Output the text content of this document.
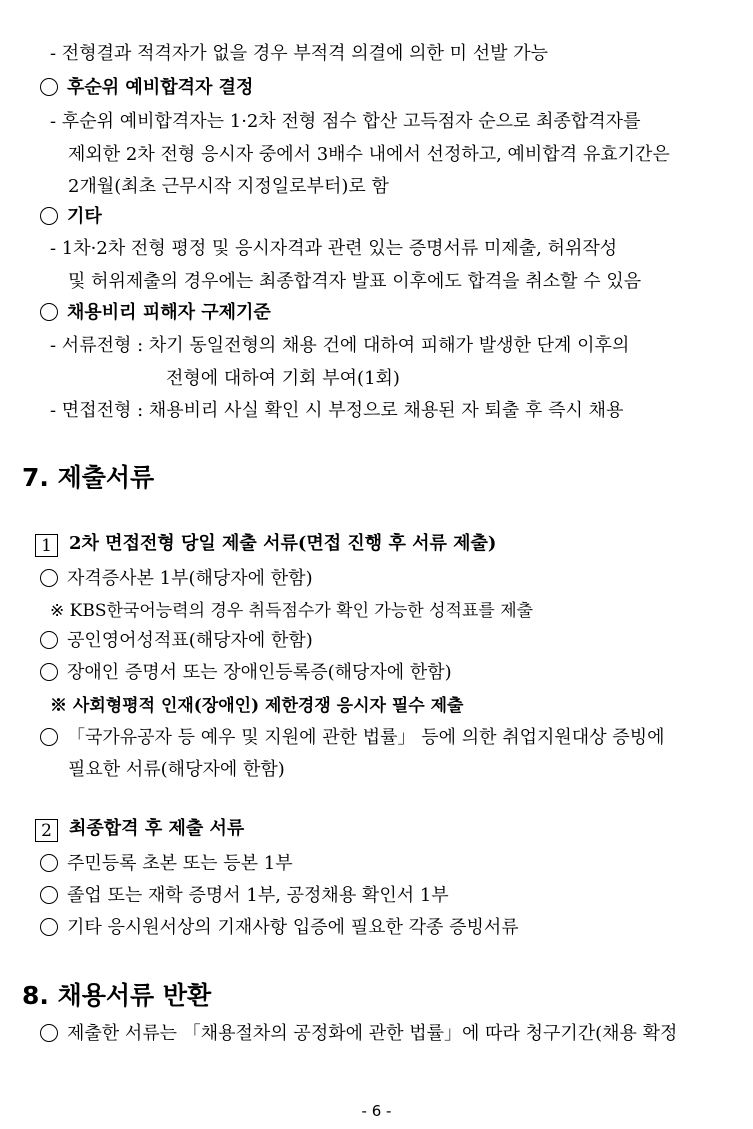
- 전형결과 적격자가 없을 경우 부적격 의결에 의한 미 선발 가능
후순위 예비합격자 결정
- 후순위 예비합격자는 1·2차 전형 점수 합산 고득점자 순으로 최종합격자를
제외한 2차 전형 응시자 중에서 3배수 내에서 선정하고, 예비합격 유효기간은
2개월(최초 근무시작 지정일로부터)로 함
기타
- 1차·2차 전형 평정 및 응시자격과 관련 있는 증명서류 미제출, 허위작성
및 허위제출의 경우에는 최종합격자 발표 이후에도 합격을 취소할 수 있음
채용비리 피해자 구제기준
- 서류전형 : 차기 동일전형의 채용 건에 대하여 피해가 발생한 단계 이후의
전형에 대하여 기회 부여(1회)
- 면접전형 : 채용비리 사실 확인 시 부정으로 채용된 자 퇴출 후 즉시 채용
7. 제출서류
1 2차 면접전형 당일 제출 서류(면접 진행 후 서류 제출)
자격증사본 1부(해당자에 한함)
※ KBS한국어능력의 경우 취득점수가 확인 가능한 성적표를 제출
공인영어성적표(해당자에 한함)
장애인 증명서 또는 장애인등록증(해당자에 한함)
※ 사회형평적 인재(장애인) 제한경쟁 응시자 필수 제출
「국가유공자 등 예우 및 지원에 관한 법률」 등에 의한 취업지원대상 증빙에
필요한 서류(해당자에 한함)
2 최종합격 후 제출 서류
주민등록 초본 또는 등본 1부
졸업 또는 재학 증명서 1부, 공정채용 확인서 1부
기타 응시원서상의 기재사항 입증에 필요한 각종 증빙서류
8. 채용서류 반환
제출한 서류는 「채용절차의 공정화에 관한 법률」에 따라 청구기간(채용 확정
- 6 -
